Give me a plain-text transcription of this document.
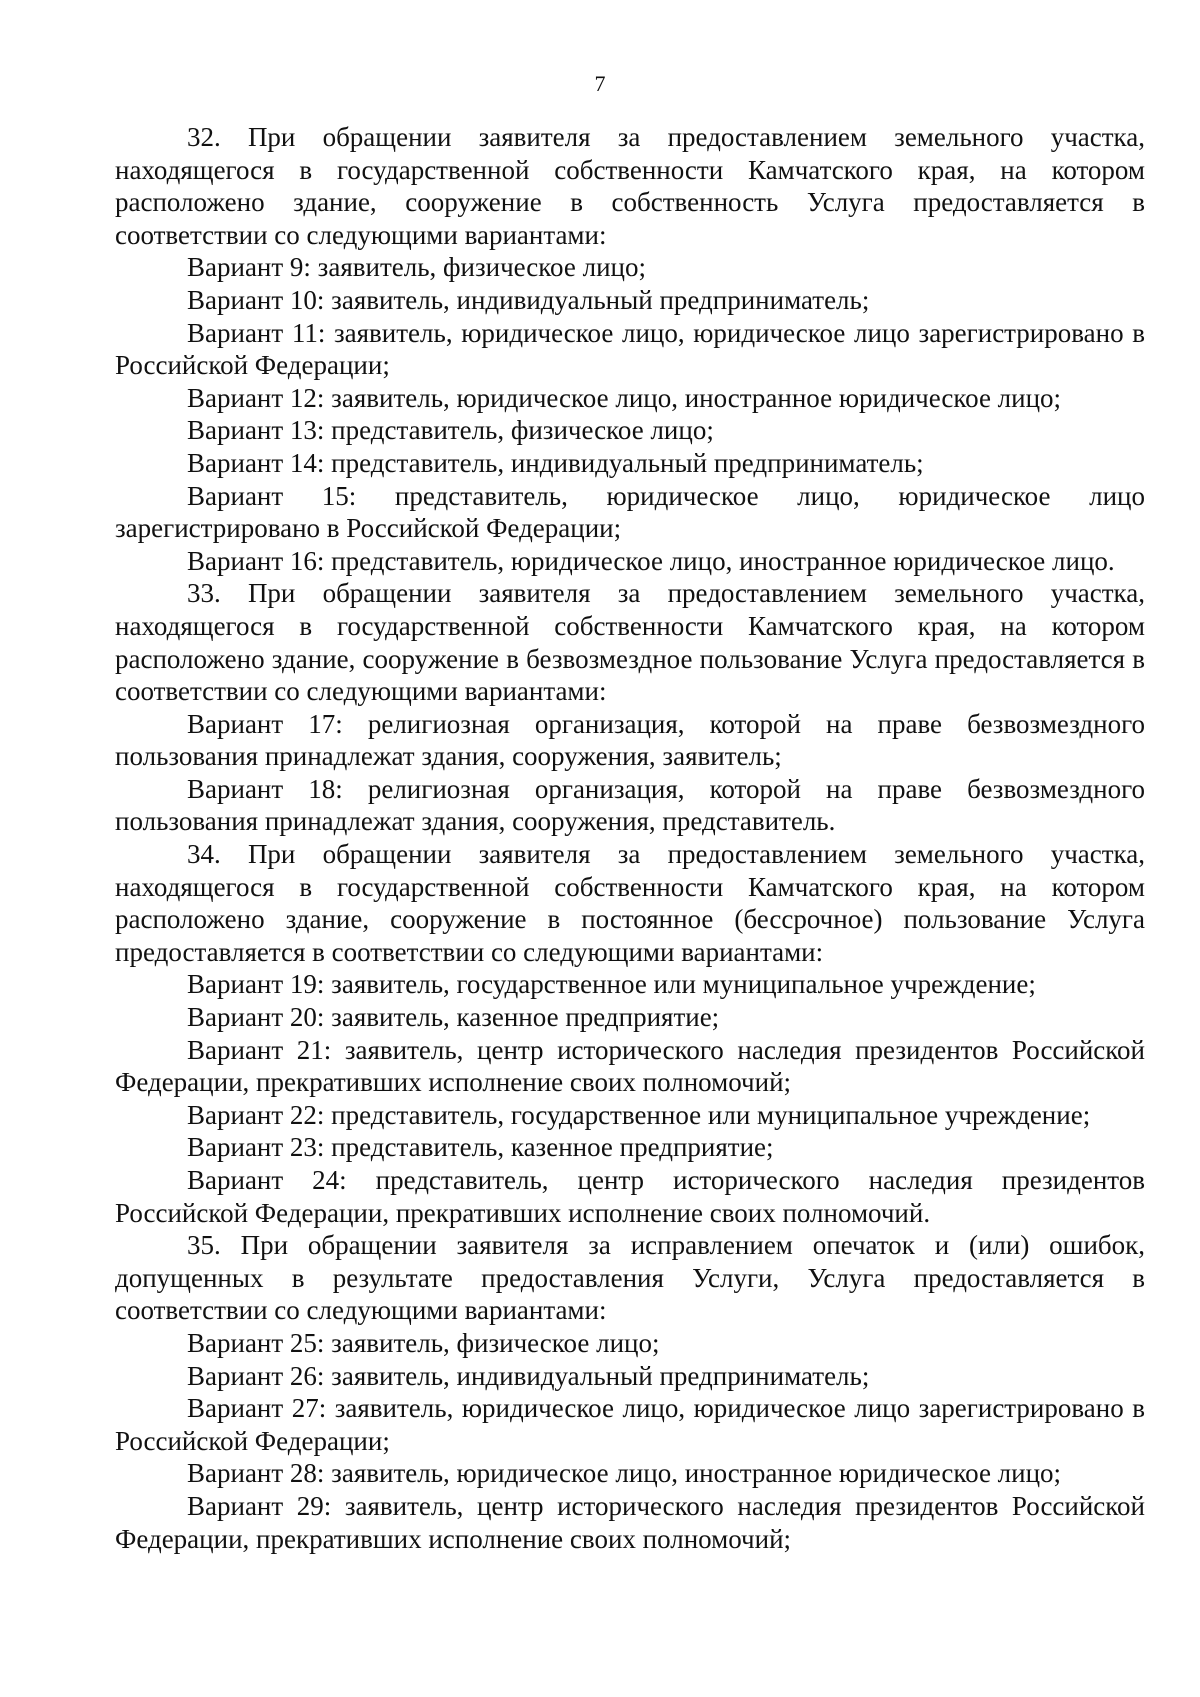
7

32. При обращении заявителя за предоставлением земельного участка, находящегося в государственной собственности Камчатского края, на котором расположено здание, сооружение в собственность Услуга предоставляется в соответствии со следующими вариантами:

Вариант 9: заявитель, физическое лицо;

Вариант 10: заявитель, индивидуальный предприниматель;

Вариант 11: заявитель, юридическое лицо, юридическое лицо зарегистрировано в Российской Федерации;

Вариант 12: заявитель, юридическое лицо, иностранное юридическое лицо;

Вариант 13: представитель, физическое лицо;

Вариант 14: представитель, индивидуальный предприниматель;

Вариант 15: представитель, юридическое лицо, юридическое лицо зарегистрировано в Российской Федерации;

Вариант 16: представитель, юридическое лицо, иностранное юридическое лицо.

33. При обращении заявителя за предоставлением земельного участка, находящегося в государственной собственности Камчатского края, на котором расположено здание, сооружение в безвозмездное пользование Услуга предоставляется в соответствии со следующими вариантами:

Вариант 17: религиозная организация, которой на праве безвозмездного пользования принадлежат здания, сооружения, заявитель;

Вариант 18: религиозная организация, которой на праве безвозмездного пользования принадлежат здания, сооружения, представитель.

34. При обращении заявителя за предоставлением земельного участка, находящегося в государственной собственности Камчатского края, на котором расположено здание, сооружение в постоянное (бессрочное) пользование Услуга предоставляется в соответствии со следующими вариантами:

Вариант 19: заявитель, государственное или муниципальное учреждение;

Вариант 20: заявитель, казенное предприятие;

Вариант 21: заявитель, центр исторического наследия президентов Российской Федерации, прекративших исполнение своих полномочий;

Вариант 22: представитель, государственное или муниципальное учреждение;

Вариант 23: представитель, казенное предприятие;

Вариант 24: представитель, центр исторического наследия президентов Российской Федерации, прекративших исполнение своих полномочий.

35. При обращении заявителя за исправлением опечаток и (или) ошибок, допущенных в результате предоставления Услуги, Услуга предоставляется в соответствии со следующими вариантами:

Вариант 25: заявитель, физическое лицо;

Вариант 26: заявитель, индивидуальный предприниматель;

Вариант 27: заявитель, юридическое лицо, юридическое лицо зарегистрировано в Российской Федерации;

Вариант 28: заявитель, юридическое лицо, иностранное юридическое лицо;

Вариант 29: заявитель, центр исторического наследия президентов Российской Федерации, прекративших исполнение своих полномочий;
